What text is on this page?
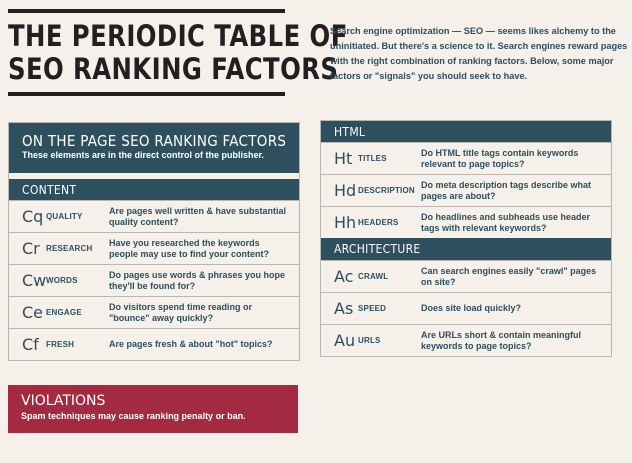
THE PERIODIC TABLE OF
SEO RANKING FACTORS
Search engine optimization — SEO — seems likes alchemy to the uninitiated. But there's a science to it. Search engines reward pages with the right combination of ranking factors. Below, some major factors or "signals" you should seek to have.
ON THE PAGE SEO RANKING FACTORS
These elements are in the direct control of the publisher.
CONTENT
Cq QUALITY
Are pages well written & have substantial quality content?
Cr RESEARCH
Have you researched the keywords people may use to find your content?
Cw WORDS
Do pages use words & phrases you hope they'll be found for?
Ce ENGAGE
Do visitors spend time reading or "bounce" away quickly?
Cf FRESH	Are pages fresh & about "hot" topics?
HTML
Ht TITLES
Do HTML title tags contain keywords relevant to page topics?
Hd DESCRIPTION
Do meta description tags describe what pages are about?
Hh HEADERS
Do headlines and subheads use header tags with relevant keywords?
ARCHITECTURE
Ac CRAWL
Can search engines easily "crawl" pages on site?
As SPEED	Does site load quickly?
Au URLS
Are URLs short & contain meaningful keywords to page topics?
VIOLATIONS
Spam techniques may cause ranking penalty or ban.
